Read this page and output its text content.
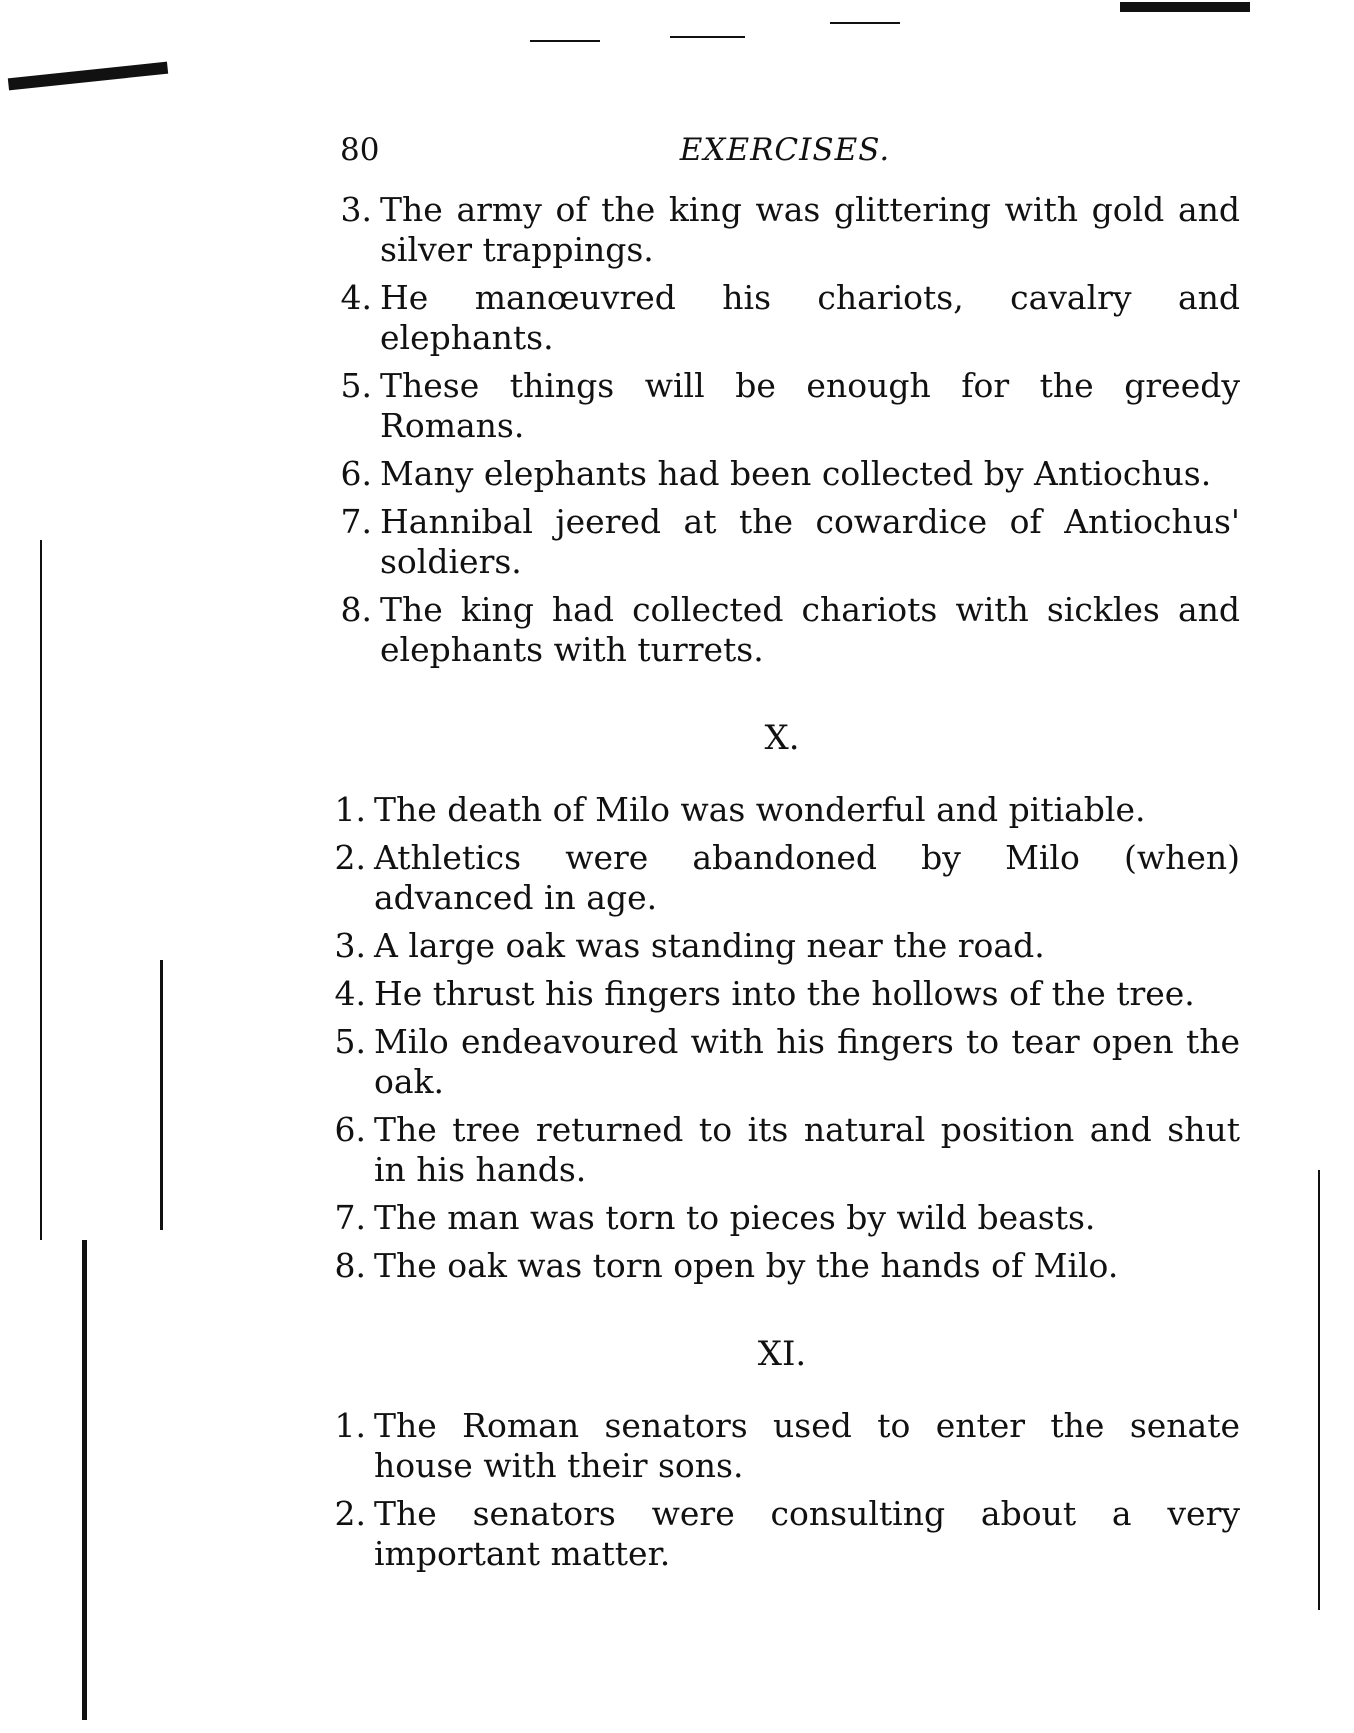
80	EXERCISES.
3. The army of the king was glittering with gold and silver trappings.
4. He manœuvred his chariots, cavalry and elephants.
5. These things will be enough for the greedy Romans.
6. Many elephants had been collected by Antiochus.
7. Hannibal jeered at the cowardice of Antiochus' soldiers.
8. The king had collected chariots with sickles and elephants with turrets.
X.
1. The death of Milo was wonderful and pitiable.
2. Athletics were abandoned by Milo (when) advanced in age.
3. A large oak was standing near the road.
4. He thrust his fingers into the hollows of the tree.
5. Milo endeavoured with his fingers to tear open the oak.
6. The tree returned to its natural position and shut in his hands.
7. The man was torn to pieces by wild beasts.
8. The oak was torn open by the hands of Milo.
XI.
1. The Roman senators used to enter the senate house with their sons.
2. The senators were consulting about a very important matter.
